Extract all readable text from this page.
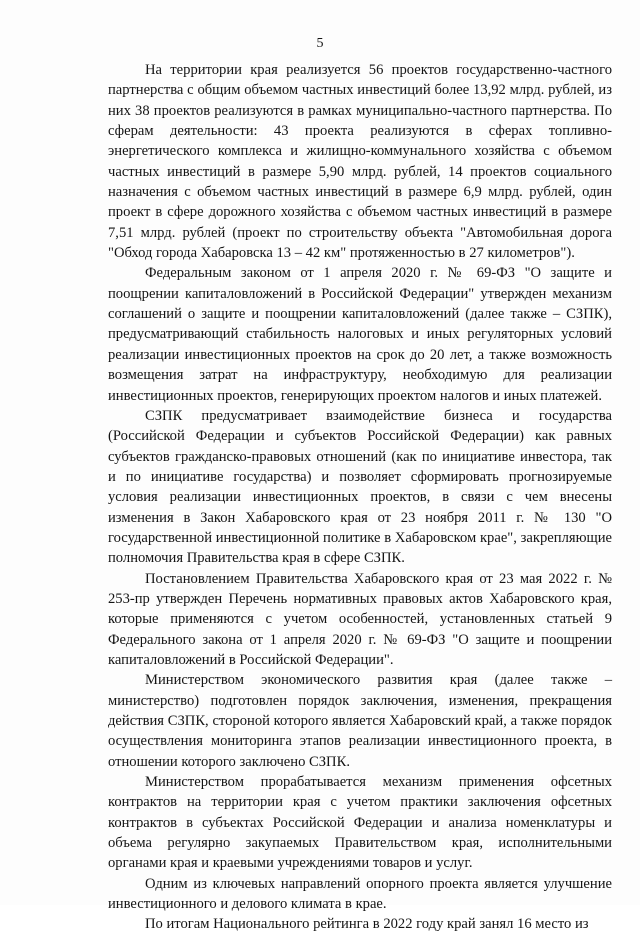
5

На территории края реализуется 56 проектов государственно-частного партнерства с общим объемом частных инвестиций более 13,92 млрд. рублей, из них 38 проектов реализуются в рамках муниципально-частного партнерства. По сферам деятельности: 43 проекта реализуются в сферах топливно-энергетического комплекса и жилищно-коммунального хозяйства с объемом частных инвестиций в размере 5,90 млрд. рублей, 14 проектов социального назначения с объемом частных инвестиций в размере 6,9 млрд. рублей, один проект в сфере дорожного хозяйства с объемом частных инвестиций в размере 7,51 млрд. рублей (проект по строительству объекта "Автомобильная дорога "Обход города Хабаровска 13 – 42 км" протяженностью в 27 километров").

Федеральным законом от 1 апреля 2020 г. № 69-ФЗ "О защите и поощрении капиталовложений в Российской Федерации" утвержден механизм соглашений о защите и поощрении капиталовложений (далее также – СЗПК), предусматривающий стабильность налоговых и иных регуляторных условий реализации инвестиционных проектов на срок до 20 лет, а также возможность возмещения затрат на инфраструктуру, необходимую для реализации инвестиционных проектов, генерирующих проектом налогов и иных платежей.

СЗПК предусматривает взаимодействие бизнеса и государства (Российской Федерации и субъектов Российской Федерации) как равных субъектов гражданско-правовых отношений (как по инициативе инвестора, так и по инициативе государства) и позволяет сформировать прогнозируемые условия реализации инвестиционных проектов, в связи с чем внесены изменения в Закон Хабаровского края от 23 ноября 2011 г. № 130 "О государственной инвестиционной политике в Хабаровском крае", закрепляющие полномочия Правительства края в сфере СЗПК.

Постановлением Правительства Хабаровского края от 23 мая 2022 г. № 253-пр утвержден Перечень нормативных правовых актов Хабаровского края, которые применяются с учетом особенностей, установленных статьей 9 Федерального закона от 1 апреля 2020 г. № 69-ФЗ "О защите и поощрении капиталовложений в Российской Федерации".

Министерством экономического развития края (далее также – министерство) подготовлен порядок заключения, изменения, прекращения действия СЗПК, стороной которого является Хабаровский край, а также порядок осуществления мониторинга этапов реализации инвестиционного проекта, в отношении которого заключено СЗПК.

Министерством прорабатывается механизм применения офсетных контрактов на территории края с учетом практики заключения офсетных контрактов в субъектах Российской Федерации и анализа номенклатуры и объема регулярно закупаемых Правительством края, исполнительными органами края и краевыми учреждениями товаров и услуг.

Одним из ключевых направлений опорного проекта является улучшение инвестиционного и делового климата в крае.

По итогам Национального рейтинга в 2022 году край занял 16 место из
